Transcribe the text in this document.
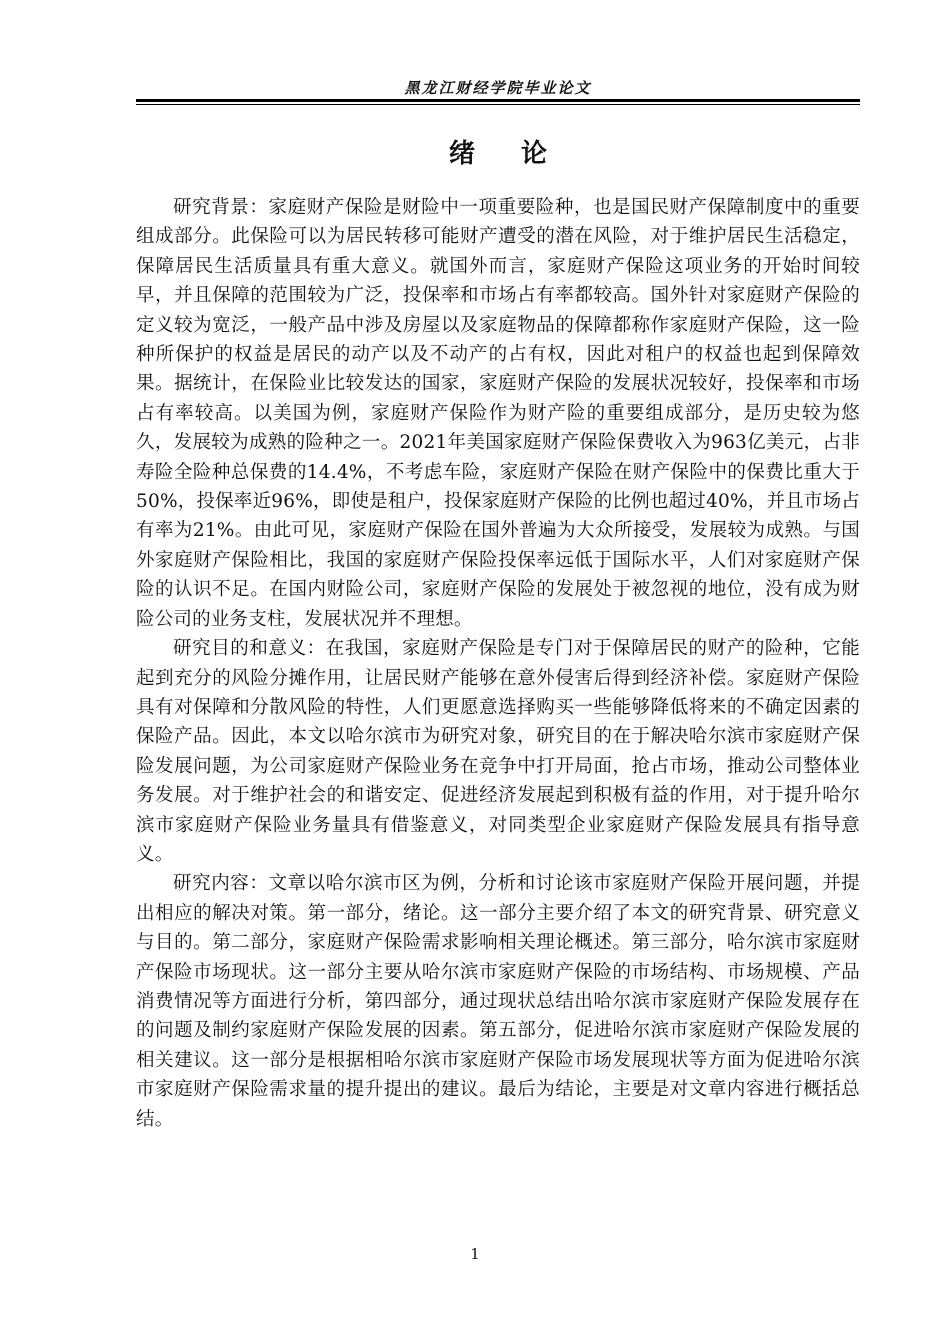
黑龙江财经学院毕业论文
绪论

研究背景：家庭财产保险是财险中一项重要险种，也是国民财产保障制度中的重要组成部分。此保险可以为居民转移可能财产遭受的潜在风险，对于维护居民生活稳定，保障居民生活质量具有重大意义。就国外而言，家庭财产保险这项业务的开始时间较早，并且保障的范围较为广泛，投保率和市场占有率都较高。国外针对家庭财产保险的定义较为宽泛，一般产品中涉及房屋以及家庭物品的保障都称作家庭财产保险，这一险种所保护的权益是居民的动产以及不动产的占有权，因此对租户的权益也起到保障效果。据统计，在保险业比较发达的国家，家庭财产保险的发展状况较好，投保率和市场占有率较高。以美国为例，家庭财产保险作为财产险的重要组成部分，是历史较为悠久，发展较为成熟的险种之一。2021年美国家庭财产保险保费收入为963亿美元，占非寿险全险种总保费的14.4%，不考虑车险，家庭财产保险在财产保险中的保费比重大于50%，投保率近96%，即使是租户，投保家庭财产保险的比例也超过40%，并且市场占有率为21%。由此可见，家庭财产保险在国外普遍为大众所接受，发展较为成熟。与国外家庭财产保险相比，我国的家庭财产保险投保率远低于国际水平，人们对家庭财产保险的认识不足。在国内财险公司，家庭财产保险的发展处于被忽视的地位，没有成为财险公司的业务支柱，发展状况并不理想。

研究目的和意义：在我国，家庭财产保险是专门对于保障居民的财产的险种，它能起到充分的风险分摊作用，让居民财产能够在意外侵害后得到经济补偿。家庭财产保险具有对保障和分散风险的特性，人们更愿意选择购买一些能够降低将来的不确定因素的保险产品。因此，本文以哈尔滨市为研究对象，研究目的在于解决哈尔滨市家庭财产保险发展问题，为公司家庭财产保险业务在竞争中打开局面，抢占市场，推动公司整体业务发展。对于维护社会的和谐安定、促进经济发展起到积极有益的作用，对于提升哈尔滨市家庭财产保险业务量具有借鉴意义，对同类型企业家庭财产保险发展具有指导意义。

研究内容：文章以哈尔滨市区为例，分析和讨论该市家庭财产保险开展问题，并提出相应的解决对策。第一部分，绪论。这一部分主要介绍了本文的研究背景、研究意义与目的。第二部分，家庭财产保险需求影响相关理论概述。第三部分，哈尔滨市家庭财产保险市场现状。这一部分主要从哈尔滨市家庭财产保险的市场结构、市场规模、产品消费情况等方面进行分析，第四部分，通过现状总结出哈尔滨市家庭财产保险发展存在的问题及制约家庭财产保险发展的因素。第五部分，促进哈尔滨市家庭财产保险发展的相关建议。这一部分是根据相哈尔滨市家庭财产保险市场发展现状等方面为促进哈尔滨市家庭财产保险需求量的提升提出的建议。最后为结论，主要是对文章内容进行概括总结。

1
